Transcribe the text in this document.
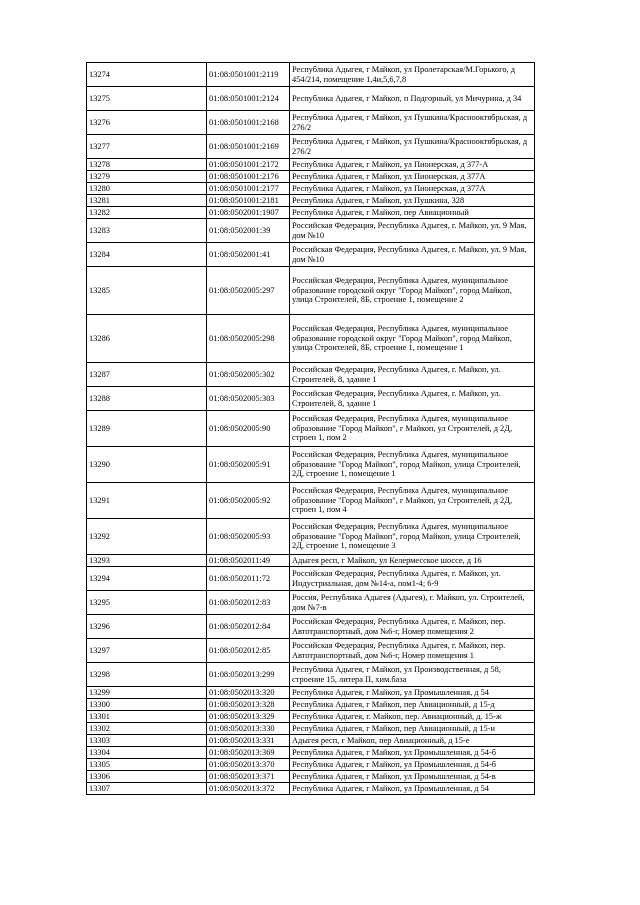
13274	01:08:0501001:2119	Республика Адыгея, г Майкоп, ул Пролетарская/М.Горького, д 454/214, помещение 1,4и,5,6,7,8
13275	01:08:0501001:2124	Республика Адыгея, г Майкоп, п Подгорный, ул Мичурина, д 34
13276	01:08:0501001:2168	Республика Адыгея, г Майкоп, ул Пушкина/Краснооктябрьская, д 276/2
13277	01:08:0501001:2169	Республика Адыгея, г Майкоп, ул Пушкина/Краснооктябрьская, д 276/2
13278	01:08:0501001:2172	Республика Адыгея, г Майкоп, ул Пионерская, д 377-А
13279	01:08:0501001:2176	Республика Адыгея, г Майкоп, ул Пионерская, д 377А
13280	01:08:0501001:2177	Республика Адыгея, г Майкоп, ул Пионерская, д 377А
13281	01:08:0501001:2181	Республика Адыгея, г Майкоп, ул Пушкина, 328
13282	01:08:0502001:1907	Республика Адыгея, г Майкоп, пер Авиационный
13283	01:08:0502001:39	Российская Федерация, Республика Адыгея, г. Майкоп, ул. 9 Мая, дом №10
13284	01:08:0502001:41	Российская Федерация, Республика Адыгея, г. Майкоп, ул. 9 Мая, дом №10
13285	01:08:0502005:297	Российская Федерация, Республика Адыгея, муниципальное образование городской округ "Город Майкоп", город Майкоп, улица Строителей, 8Б, строение 1, помещение 2
13286	01:08:0502005:298	Российская Федерация, Республика Адыгея, муниципальное образование городской округ "Город Майкоп", город Майкоп, улица Строителей, 8Б, строение 1, помещение 1
13287	01:08:0502005:302	Российская Федерация, Республика Адыгея, г. Майкоп, ул. Строителей, 8, здание 1
13288	01:08:0502005:303	Российская Федерация, Республика Адыгея, г. Майкоп, ул. Строителей, 8, здание 1
13289	01:08:0502005:90	Российская Федерация, Республика Адыгея, муниципальное образование "Город Майкоп", г Майкоп, ул Строителей, д 2Д, строен 1, пом 2
13290	01:08:0502005:91	Российская Федерация, Республика Адыгея, муниципальное образование "Город Майкоп", город Майкоп, улица Строителей, 2Д, строение 1, помещение 1
13291	01:08:0502005:92	Российская Федерация, Республика Адыгея, муниципальное образование "Город Майкоп", г Майкоп, ул Строителей, д 2Д, строен 1, пом 4
13292	01:08:0502005:93	Российская Федерация, Республика Адыгея, муниципальное образование "Город Майкоп", город Майкоп, улица Строителей, 2Д, строение 1, помещение 3
13293	01:08:0502011:49	Адыгея респ, г Майкоп, ул Келермесское шоссе, д 16
13294	01:08:0502011:72	Российская Федерация, Республика Адыгея, г. Майкоп, ул. Индустриальная, дом №14-а, пом1-4; 6-9
13295	01:08:0502012:83	Россия, Республика Адыгея (Адыгея), г. Майкоп, ул. Строителей, дом №7-в
13296	01:08:0502012:84	Российская Федерация, Республика Адыгея, г. Майкоп, пер. Автотранспортный, дом №6-г, Номер помещения 2
13297	01:08:0502012:85	Российская Федерация, Республика Адыгея, г. Майкоп, пер. Автотранспортный, дом №6-г, Номер помещения 1
13298	01:08:0502013:299	Республика Адыгея, г Майкоп, ул Производственная, д 58, строение 15, литера П, хим.база
13299	01:08:0502013:320	Республика Адыгея, г Майкоп, ул Промышленная, д 54
13300	01:08:0502013:328	Республика Адыгея, г Майкоп, пер Авиационный, д 15-д
13301	01:08:0502013:329	Республика Адыгея, г. Майкоп, пер. Авиационный, д. 15-ж
13302	01:08:0502013:330	Республика Адыгея, г Майкоп, пер Авиационный, д 15-и
13303	01:08:0502013:331	Адыгея респ, г Майкоп, пер Авиационный, д 15-е
13304	01:08:0502013:369	Республика Адыгея, г Майкоп, ул Промышленная, д 54-б
13305	01:08:0502013:370	Республика Адыгея, г Майкоп, ул Промышленная, д 54-б
13306	01:08:0502013:371	Республика Адыгея, г Майкоп, ул Промышленная, д 54-в
13307	01:08:0502013:372	Республика Адыгея, г Майкоп, ул Промышленная, д 54
